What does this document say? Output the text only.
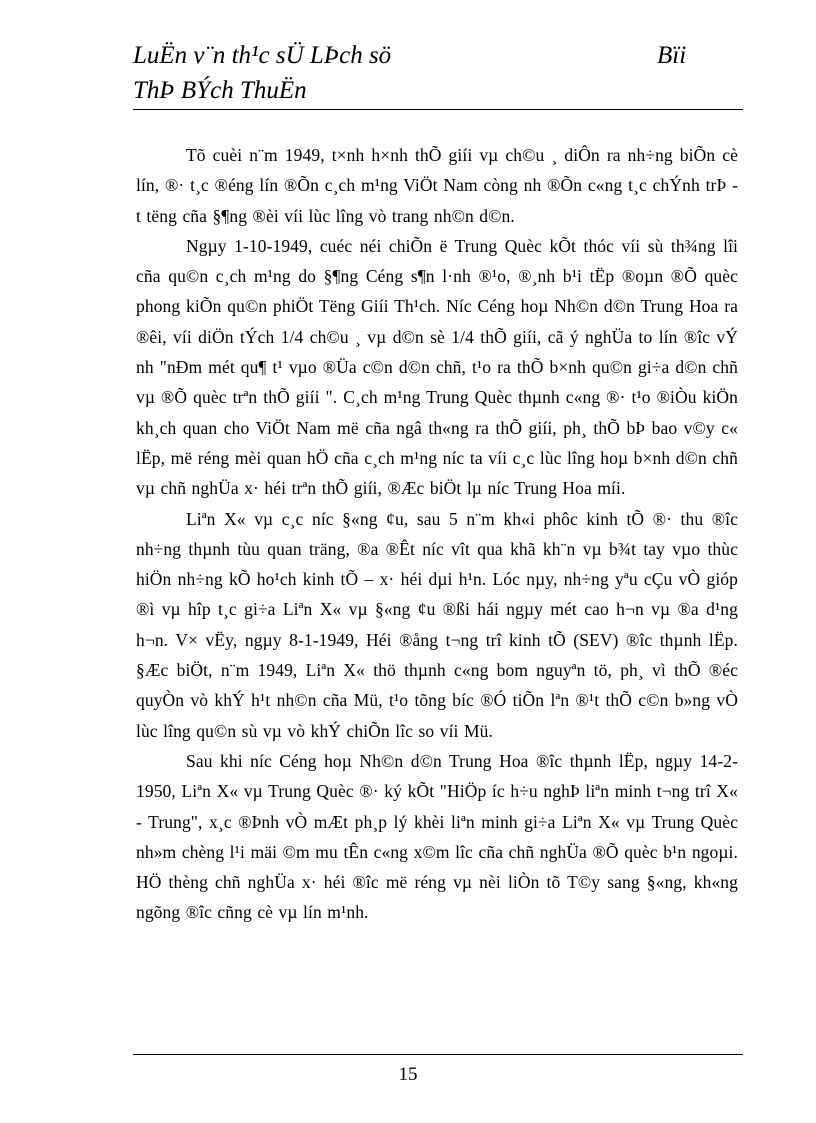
LuËn v¨n th¹c sÜ LÞch sö	Bïi
ThÞ BÝch ThuËn

Tõ cuèi n¨m 1949, t×nh h×nh thÕ giíi vµ ch©u ¸ diÔn ra nh÷ng biÕn cè lín, ®· t¸c ®éng lín ®Õn c¸ch m¹ng ViÖt Nam còng nh ®Õn c«ng t¸c chÝnh trÞ - t tëng cña §¶ng ®èi víi lùc lîng vò trang nh©n d©n.

Ngµy 1-10-1949, cuéc néi chiÕn ë Trung Quèc kÕt thóc víi sù th¾ng lîi cña qu©n c¸ch m¹ng do §¶ng Céng s¶n l·nh ®¹o, ®¸nh b¹i tËp ®oµn ®Õ quèc phong kiÕn qu©n phiÖt Tëng Giíi Th¹ch. Níc Céng hoµ Nh©n d©n Trung Hoa ra ®êi, víi diÖn tÝch 1/4 ch©u ¸ vµ d©n sè 1/4 thÕ giíi, cã ý nghÜa to lín ®îc vÝ nh "nÐm mét qu¶ t¹ vµo ®Üa c©n d©n chñ, t¹o ra thÕ b×nh qu©n gi÷a d©n chñ vµ ®Õ quèc trªn thÕ giíi ". C¸ch m¹ng Trung Quèc thµnh c«ng ®· t¹o ®iÒu kiÖn kh¸ch quan cho ViÖt Nam më cña ngâ th«ng ra thÕ giíi, ph¸ thÕ bÞ bao v©y c« lËp, më réng mèi quan hÖ cña c¸ch m¹ng níc ta víi c¸c lùc lîng hoµ b×nh d©n chñ vµ chñ nghÜa x· héi trªn thÕ giíi, ®Æc biÖt lµ níc Trung Hoa míi.

Liªn X« vµ c¸c níc §«ng ¢u, sau 5 n¨m kh«i phôc kinh tÕ ®· thu ®îc nh÷ng thµnh tùu quan träng, ®a ®Êt níc vît qua khã kh¨n vµ b¾t tay vµo thùc hiÖn nh÷ng kÕ ho¹ch kinh tÕ – x· héi dµi h¹n. Lóc nµy, nh÷ng yªu cÇu vÒ gióp ®ì vµ hîp t¸c gi÷a Liªn X« vµ §«ng ¢u ®ßi hái ngµy mét cao h¬n vµ ®a d¹ng h¬n. V× vËy, ngµy 8-1-1949, Héi ®ång t¬ng trî kinh tÕ (SEV) ®îc thµnh lËp. §Æc biÖt, n¨m 1949, Liªn X« thö thµnh c«ng bom nguyªn tö, ph¸ vì thÕ ®éc quyÒn vò khÝ h¹t nh©n cña Mü, t¹o tõng bíc ®Ó tiÕn lªn ®¹t thÕ c©n b»ng vÒ lùc lîng qu©n sù vµ vò khÝ chiÕn lîc so víi Mü.

Sau khi níc Céng hoµ Nh©n d©n Trung Hoa ®îc thµnh lËp, ngµy 14-2-1950, Liªn X« vµ Trung Quèc ®· ký kÕt "HiÖp íc h÷u nghÞ liªn minh t¬ng trî X« - Trung", x¸c ®Þnh vÒ mÆt ph¸p lý khèi liªn minh gi÷a Liªn X« vµ Trung Quèc nh»m chèng l¹i mäi ©m mu tÊn c«ng x©m lîc cña chñ nghÜa ®Õ quèc b¹n ngoµi. HÖ thèng chñ nghÜa x· héi ®îc më réng vµ nèi liÒn tõ T©y sang §«ng, kh«ng ngõng ®îc cñng cè vµ lín m¹nh.

15
